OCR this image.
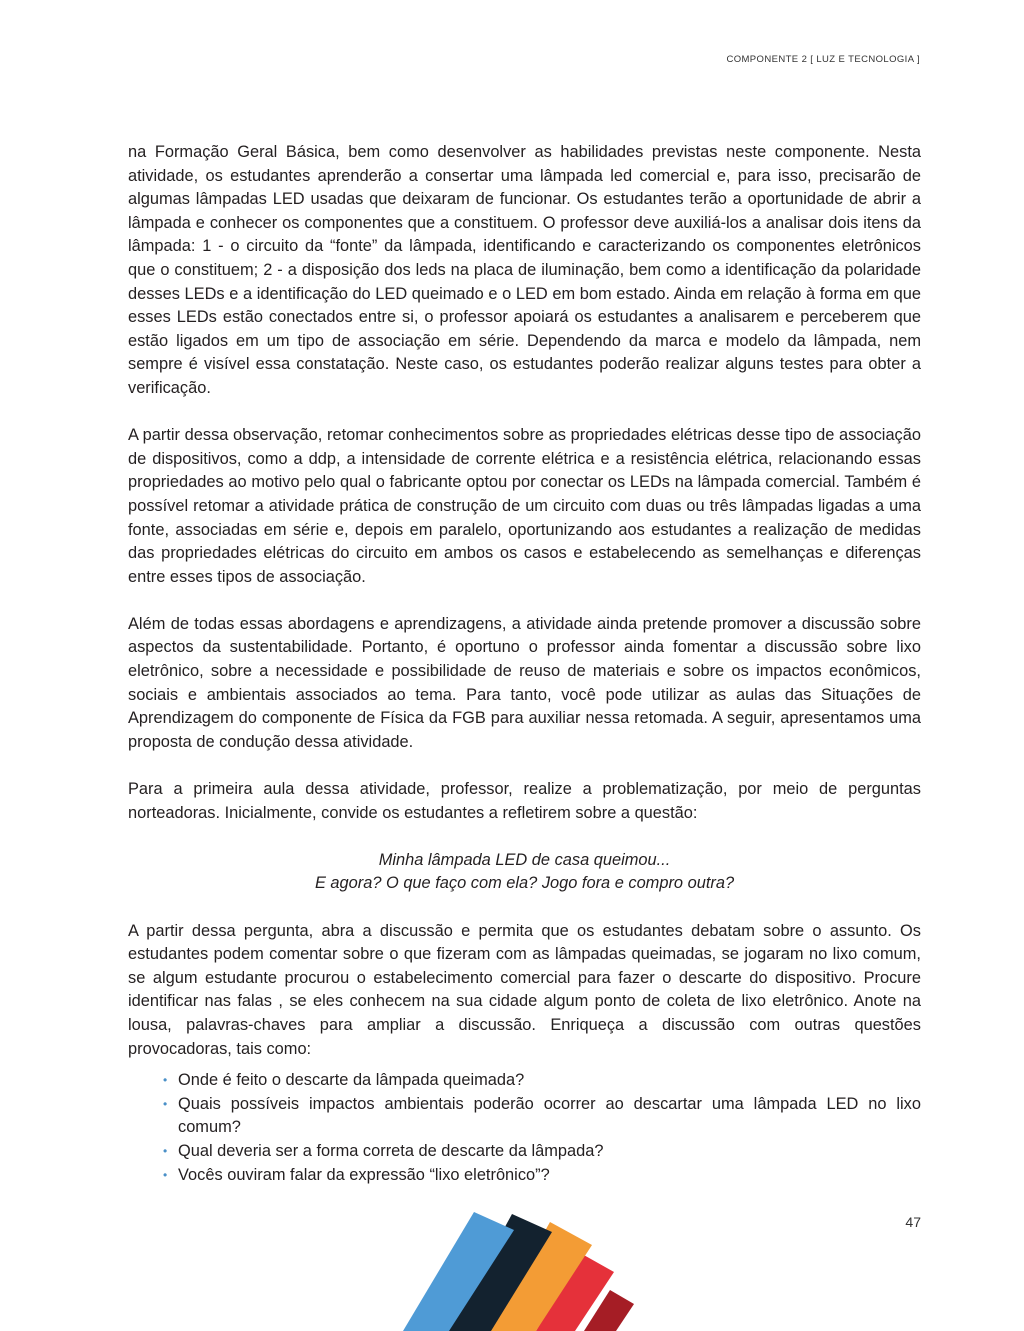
COMPONENTE 2 [ LUZ E TECNOLOGIA ]

na Formação Geral Básica, bem como desenvolver as habilidades previstas neste componente. Nesta atividade, os estudantes aprenderão a consertar uma lâmpada led comercial e, para isso, precisarão de algumas lâmpadas LED usadas que deixaram de funcionar. Os estudantes terão a oportunidade de abrir a lâmpada e conhecer os componentes que a constituem. O professor deve auxiliá-los a analisar dois itens da lâmpada: 1 - o circuito da “fonte” da lâmpada, identificando e caracterizando os componentes eletrônicos que o constituem; 2 - a disposição dos leds na placa de iluminação, bem como a identificação da polaridade desses LEDs e a identificação do LED queimado e o LED em bom estado. Ainda em relação à forma em que esses LEDs estão conectados entre si, o professor apoiará os estudantes a analisarem e perceberem que estão ligados em um tipo de associação em série. Dependendo da marca e modelo da lâmpada, nem sempre é visível essa constatação. Neste caso, os estudantes poderão realizar alguns testes para obter a verificação.

A partir dessa observação, retomar conhecimentos sobre as propriedades elétricas desse tipo de associação de dispositivos, como a ddp, a intensidade de corrente elétrica e a resistência elétrica, relacionando essas propriedades ao motivo pelo qual o fabricante optou por conectar os LEDs na lâmpada comercial. Também é possível retomar a atividade prática de construção de um circuito com duas ou três lâmpadas ligadas a uma fonte, associadas em série e, depois em paralelo, oportunizando aos estudantes a realização de medidas das propriedades elétricas do circuito em ambos os casos e estabelecendo as semelhanças e diferenças entre esses tipos de associação.

Além de todas essas abordagens e aprendizagens, a atividade ainda pretende promover a discussão sobre aspectos da sustentabilidade. Portanto, é oportuno o professor ainda fomentar a discussão sobre lixo eletrônico, sobre a necessidade e possibilidade de reuso de materiais e sobre os impactos econômicos, sociais e ambientais associados ao tema. Para tanto, você pode utilizar as aulas das Situações de Aprendizagem do componente de Física da FGB para auxiliar nessa retomada. A seguir, apresentamos uma proposta de condução dessa atividade.

Para a primeira aula dessa atividade, professor, realize a problematização, por meio de perguntas norteadoras. Inicialmente, convide os estudantes a refletirem sobre a questão:

Minha lâmpada LED de casa queimou...
E agora? O que faço com ela? Jogo fora e compro outra?

A partir dessa pergunta, abra a discussão e permita que os estudantes debatam sobre o assunto. Os estudantes podem comentar sobre o que fizeram com as lâmpadas queimadas, se jogaram no lixo comum, se algum estudante procurou o estabelecimento comercial para fazer o descarte do dispositivo. Procure identificar nas falas , se eles conhecem na sua cidade algum ponto de coleta de lixo eletrônico. Anote na lousa, palavras-chaves para ampliar a discussão. Enriqueça a discussão com outras questões provocadoras, tais como:

• Onde é feito o descarte da lâmpada queimada?
• Quais possíveis impactos ambientais poderão ocorrer ao descartar uma lâmpada LED no lixo comum?
• Qual deveria ser a forma correta de descarte da lâmpada?
• Vocês ouviram falar da expressão “lixo eletrônico”?
47
